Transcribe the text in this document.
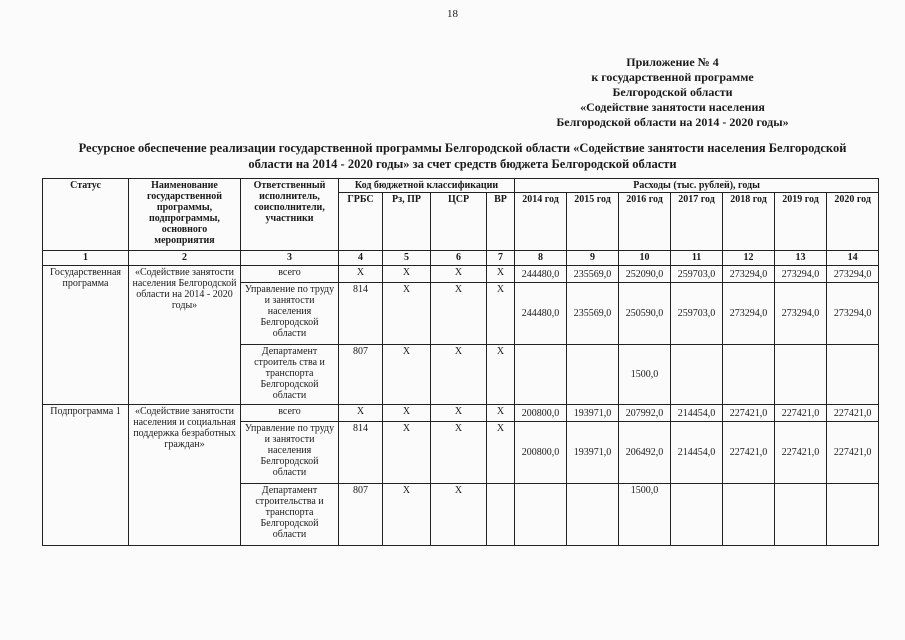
18
Приложение № 4
к государственной программе
Белгородской области
«Содействие занятости населения
Белгородской области на 2014 - 2020 годы»
Ресурсное обеспечение реализации государственной программы Белгородской области «Содействие занятости населения Белгородской области на 2014 - 2020 годы» за счет средств бюджета Белгородской области
Статус	Наименование государственной программы, подпрограммы, основного мероприятия	Ответственный исполнитель, соисполнители, участники	Код бюджетной классификации				Расходы (тыс. рублей), годы						
			ГРБС	Рз, ПР	ЦСР	ВР	2014 год	2015 год	2016 год	2017 год	2018 год	2019 год	2020 год
1	2	3	4	5	6	7	8	9	10	11	12	13	14
Государственная программа	«Содействие занятости населения Белгородской области на 2014 - 2020 годы»	всего	Х	Х	Х	Х	244480,0	235569,0	252090,0	259703,0	273294,0	273294,0	273294,0
		Управление по труду и занятости населения Белгородской области	814	Х	Х	Х	244480,0	235569,0	250590,0	259703,0	273294,0	273294,0	273294,0
		Департамент строитель ства и транспорта Белгородской области	807	Х	Х	Х			1500,0				
Подпрограмма 1	«Содействие занятости населения и социальная поддержка безработных граждан»	всего	Х	Х	Х	Х	200800,0	193971,0	207992,0	214454,0	227421,0	227421,0	227421,0
		Управление по труду и занятости населения Белгородской области	814	Х	Х	Х	200800,0	193971,0	206492,0	214454,0	227421,0	227421,0	227421,0
		Департамент строительства и транспорта Белгородской области	807	Х	Х				1500,0				
